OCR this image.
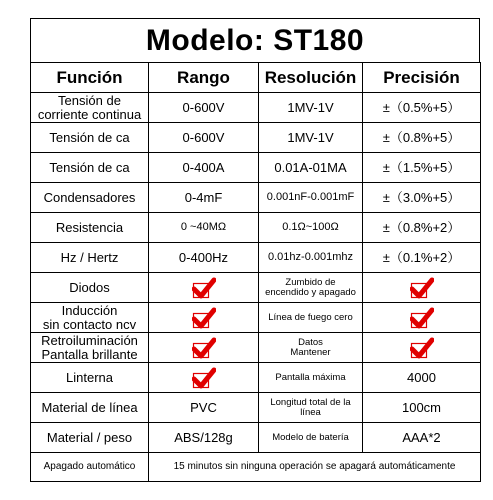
Modelo: ST180
Función	Rango	Resolución	Precisión
Tensión de
corriente continua	0-600V	1MV-1V	±（0.5%+5）
Tensión de ca	0-600V	1MV-1V	±（0.8%+5）
Tensión de ca	0-400A	0.01A-01MA	±（1.5%+5）
Condensadores	0-4mF	0.001nF-0.001mF	±（3.0%+5）
Resistencia	0 ~40MΩ	0.1Ω~100Ω	±（0.8%+2）
Hz / Hertz	0-400Hz	0.01hz-0.001mhz	±（0.1%+2）
Diodos		Zumbido de
encendido y apagado	
Inducción
sin contacto ncv		Línea de fuego cero	
Retroiluminación
Pantalla brillante		Datos
Mantener	
Linterna		Pantalla máxima	4000
Material de línea	PVC	Longitud total de la línea	100cm
Material / peso	ABS/128g	Modelo de batería	AAA*2
Apagado automático	15 minutos sin ninguna operación se apagará automáticamente		
